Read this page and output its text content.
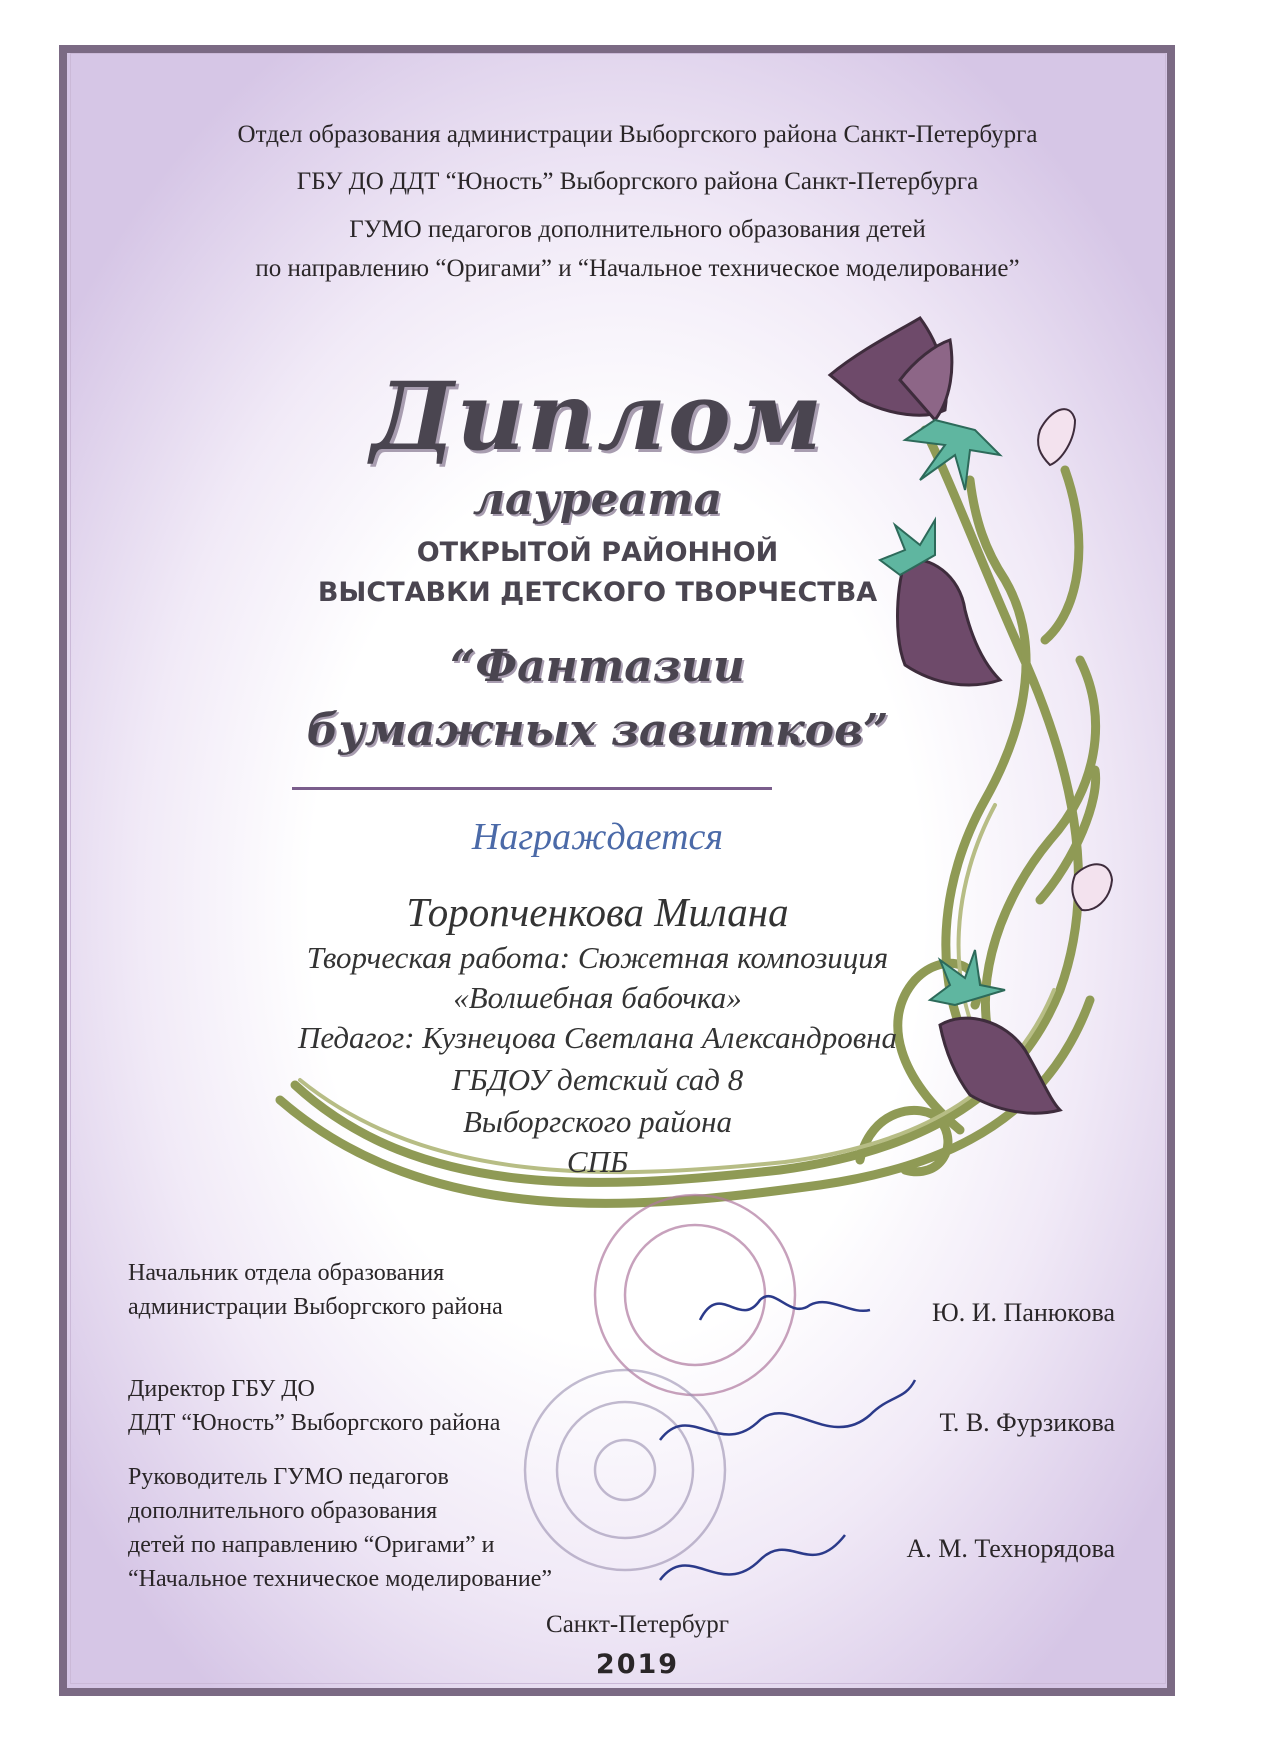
Отдел образования администрации Выборгского района Санкт-Петербурга
ГБУ ДО ДДТ “Юность” Выборгского района Санкт-Петербурга
ГУМО педагогов дополнительного образования детей
по направлению “Оригами” и “Начальное техническое моделирование”
Диплом
лауреата
ОТКРЫТОЙ РАЙОННОЙ
ВЫСТАВКИ ДЕТСКОГО ТВОРЧЕСТВА
“Фантазии
бумажных завитков”
Награждается
Торопченкова Милана
Творческая работа: Сюжетная композиция
«Волшебная бабочка»
Педагог: Кузнецова Светлана Александровна
ГБДОУ детский сад 8
Выборгского района
СПБ
Начальник отдела образования
администрации Выборгского района	Ю. И. Панюкова
Директор ГБУ ДО
ДДТ “Юность” Выборгского района	Т. В. Фурзикова
Руководитель ГУМО педагогов
дополнительного образования
детей по направлению “Оригами” и
“Начальное техническое моделирование”
А. М. Технорядова
Санкт-Петербург
2019
